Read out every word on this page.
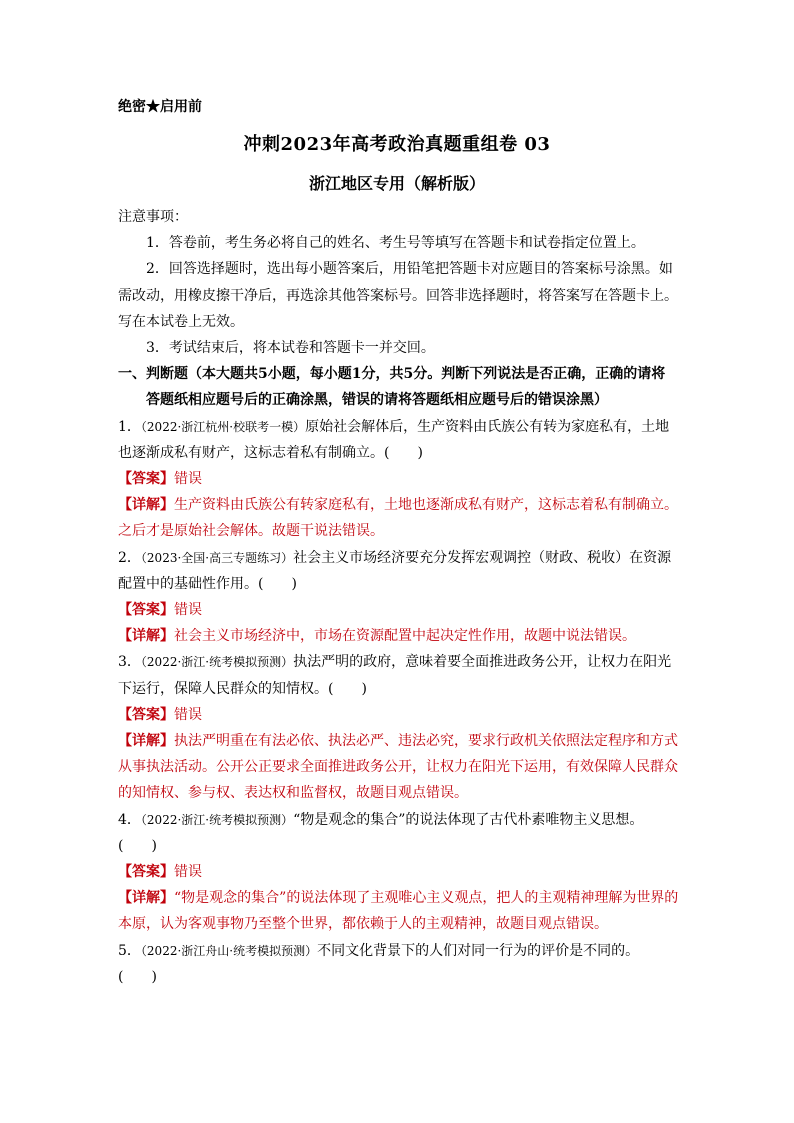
绝密★启用前
冲刺2023年高考政治真题重组卷 03
浙江地区专用（解析版）

注意事项：

1．答卷前，考生务必将自己的姓名、考生号等填写在答题卡和试卷指定位置上。

2．回答选择题时，选出每小题答案后，用铅笔把答题卡对应题目的答案标号涂黑。如需改动，用橡皮擦干净后，再选涂其他答案标号。回答非选择题时，将答案写在答题卡上。写在本试卷上无效。

3．考试结束后，将本试卷和答题卡一并交回。

一、判断题（本大题共5小题，每小题1分，共5分。判断下列说法是否正确，正确的请将

答题纸相应题号后的正确涂黑，错误的请将答题纸相应题号后的错误涂黑）

1．（2022·浙江杭州·校联考一模）原始社会解体后，生产资料由氏族公有转为家庭私有，土地也逐渐成私有财产，这标志着私有制确立。(　　)

【答案】错误

【详解】生产资料由氏族公有转家庭私有，土地也逐渐成私有财产，这标志着私有制确立。之后才是原始社会解体。故题干说法错误。

2．（2023·全国·高三专题练习）社会主义市场经济要充分发挥宏观调控（财政、税收）在资源配置中的基础性作用。(　　)

【答案】错误

【详解】社会主义市场经济中，市场在资源配置中起决定性作用，故题中说法错误。

3．（2022·浙江·统考模拟预测）执法严明的政府，意味着要全面推进政务公开，让权力在阳光下运行，保障人民群众的知情权。(　　)

【答案】错误

【详解】执法严明重在有法必依、执法必严、违法必究，要求行政机关依照法定程序和方式从事执法活动。公开公正要求全面推进政务公开，让权力在阳光下运用，有效保障人民群众的知情权、参与权、表达权和监督权，故题目观点错误。

4．（2022·浙江·统考模拟预测）“物是观念的集合”的说法体现了古代朴素唯物主义思想。

(　　)

【答案】错误

【详解】“物是观念的集合”的说法体现了主观唯心主义观点，把人的主观精神理解为世界的本原，认为客观事物乃至整个世界，都依赖于人的主观精神，故题目观点错误。

5．（2022·浙江舟山·统考模拟预测）不同文化背景下的人们对同一行为的评价是不同的。

(　　)
